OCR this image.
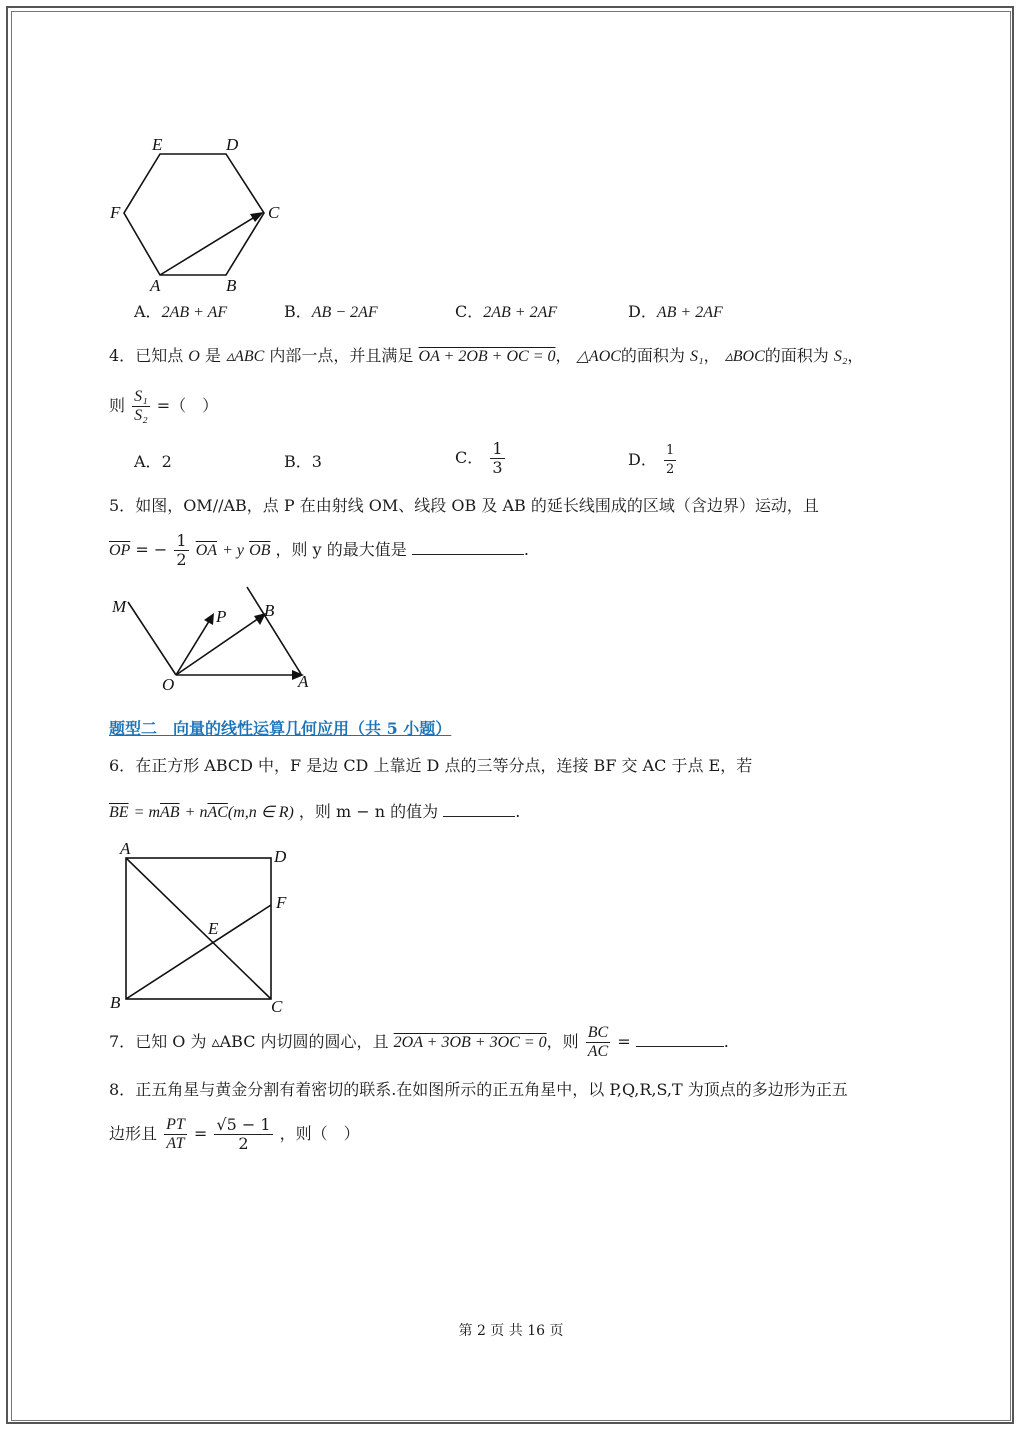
E	D
F	C
A	B
A．2AB + AF	B．AB − 2AF	C．2AB + 2AF	D．AB + 2AF
4．已知点 O 是 ▵ABC 内部一点，并且满足 OA + 2OB + OC = 0， △AOC的面积为 S₁， ▵BOC的面积为 S₂，
则 $\frac{\text{S₁}}{\text{S₂}}$ =（　）
A．2	B．3	C． $\frac{1}{3}$	D． $\frac{1}{2}$
5．如图，OM//AB，点 P 在由射线 OM、线段 OB 及 AB 的延长线围成的区域（含边界）运动，且
$\overline{OP}$ = − $\frac{1}{2} \overline{OA} + y$ $\overline{OB}$ ，则 y 的最大值是	.
M
P B
O	A
题型二　向量的线性运算几何应用（共 5 小题）
6．在正方形 ABCD 中，F 是边 CD 上靠近 D 点的三等分点，连接 BF 交 AC 于点 E，若
$\overline{BE} = m\overline{AB} + n\overline{AC}(m,n$ ∈ R) ，则 m − n 的值为	.
A	D
F
E
B	C
7．已知 O 为 ▵ABC 内切圆的圆心，且 2OA + 3OB + 3OC = 0，则 $\frac{BC}{AC}$ =	.
8．正五角星与黄金分割有着密切的联系.在如图所示的正五角星中，以 P,Q,R,S,T 为顶点的多边形为正五
边形且 $\frac{PT}{AT} = \frac{√5 - 1}{2}$ ，则（　）
第 2 页 共 16 页
